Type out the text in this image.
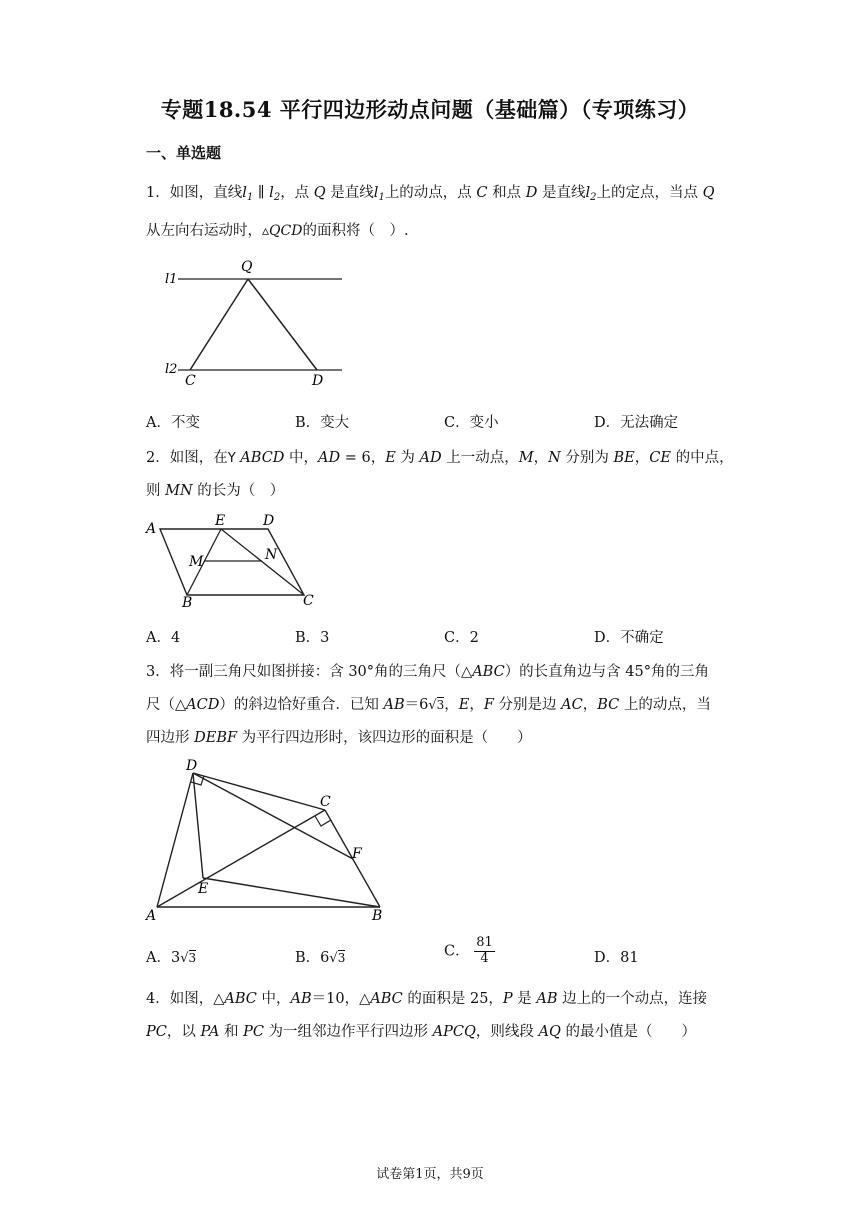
专题18.54 平行四边形动点问题（基础篇）（专项练习）
一、单选题
1．如图，直线$l_1$ ∥ $l_2$，点 Q 是直线$l_1$上的动点，点 C 和点 D 是直线$l_2$上的定点，当点 Q
从左向右运动时，▵QCD的面积将（　）.
l1
l2
Q
C	D
A．不变	B．变大	C．变小	D．无法确定
2．如图，在Y ABCD 中，AD = 6，E 为 AD 上一动点，M，N 分别为 BE，CE 的中点，
则 MN 的长为（　）
A	E	D
M	N
B	C
A．4	B．3	C．2	D．不确定
3．将一副三角尺如图拼接：含 30°角的三角尺（△ABC）的长直角边与含 45°角的三角
尺（△ACD）的斜边恰好重合．已知 AB＝6√3，E，F 分别是边 AC，BC 上的动点，当
四边形 DEBF 为平行四边形时，该四边形的面积是（　　）
D
C
F
E
A	B
A．3√3	B．6√3	C． $\frac{81}{4}$	D．81
4．如图，△ABC 中，AB＝10，△ABC 的面积是 25，P 是 AB 边上的一个动点，连接
PC，以 PA 和 PC 为一组邻边作平行四边形 APCQ，则线段 AQ 的最小值是（　　）
试卷第1页，共9页
